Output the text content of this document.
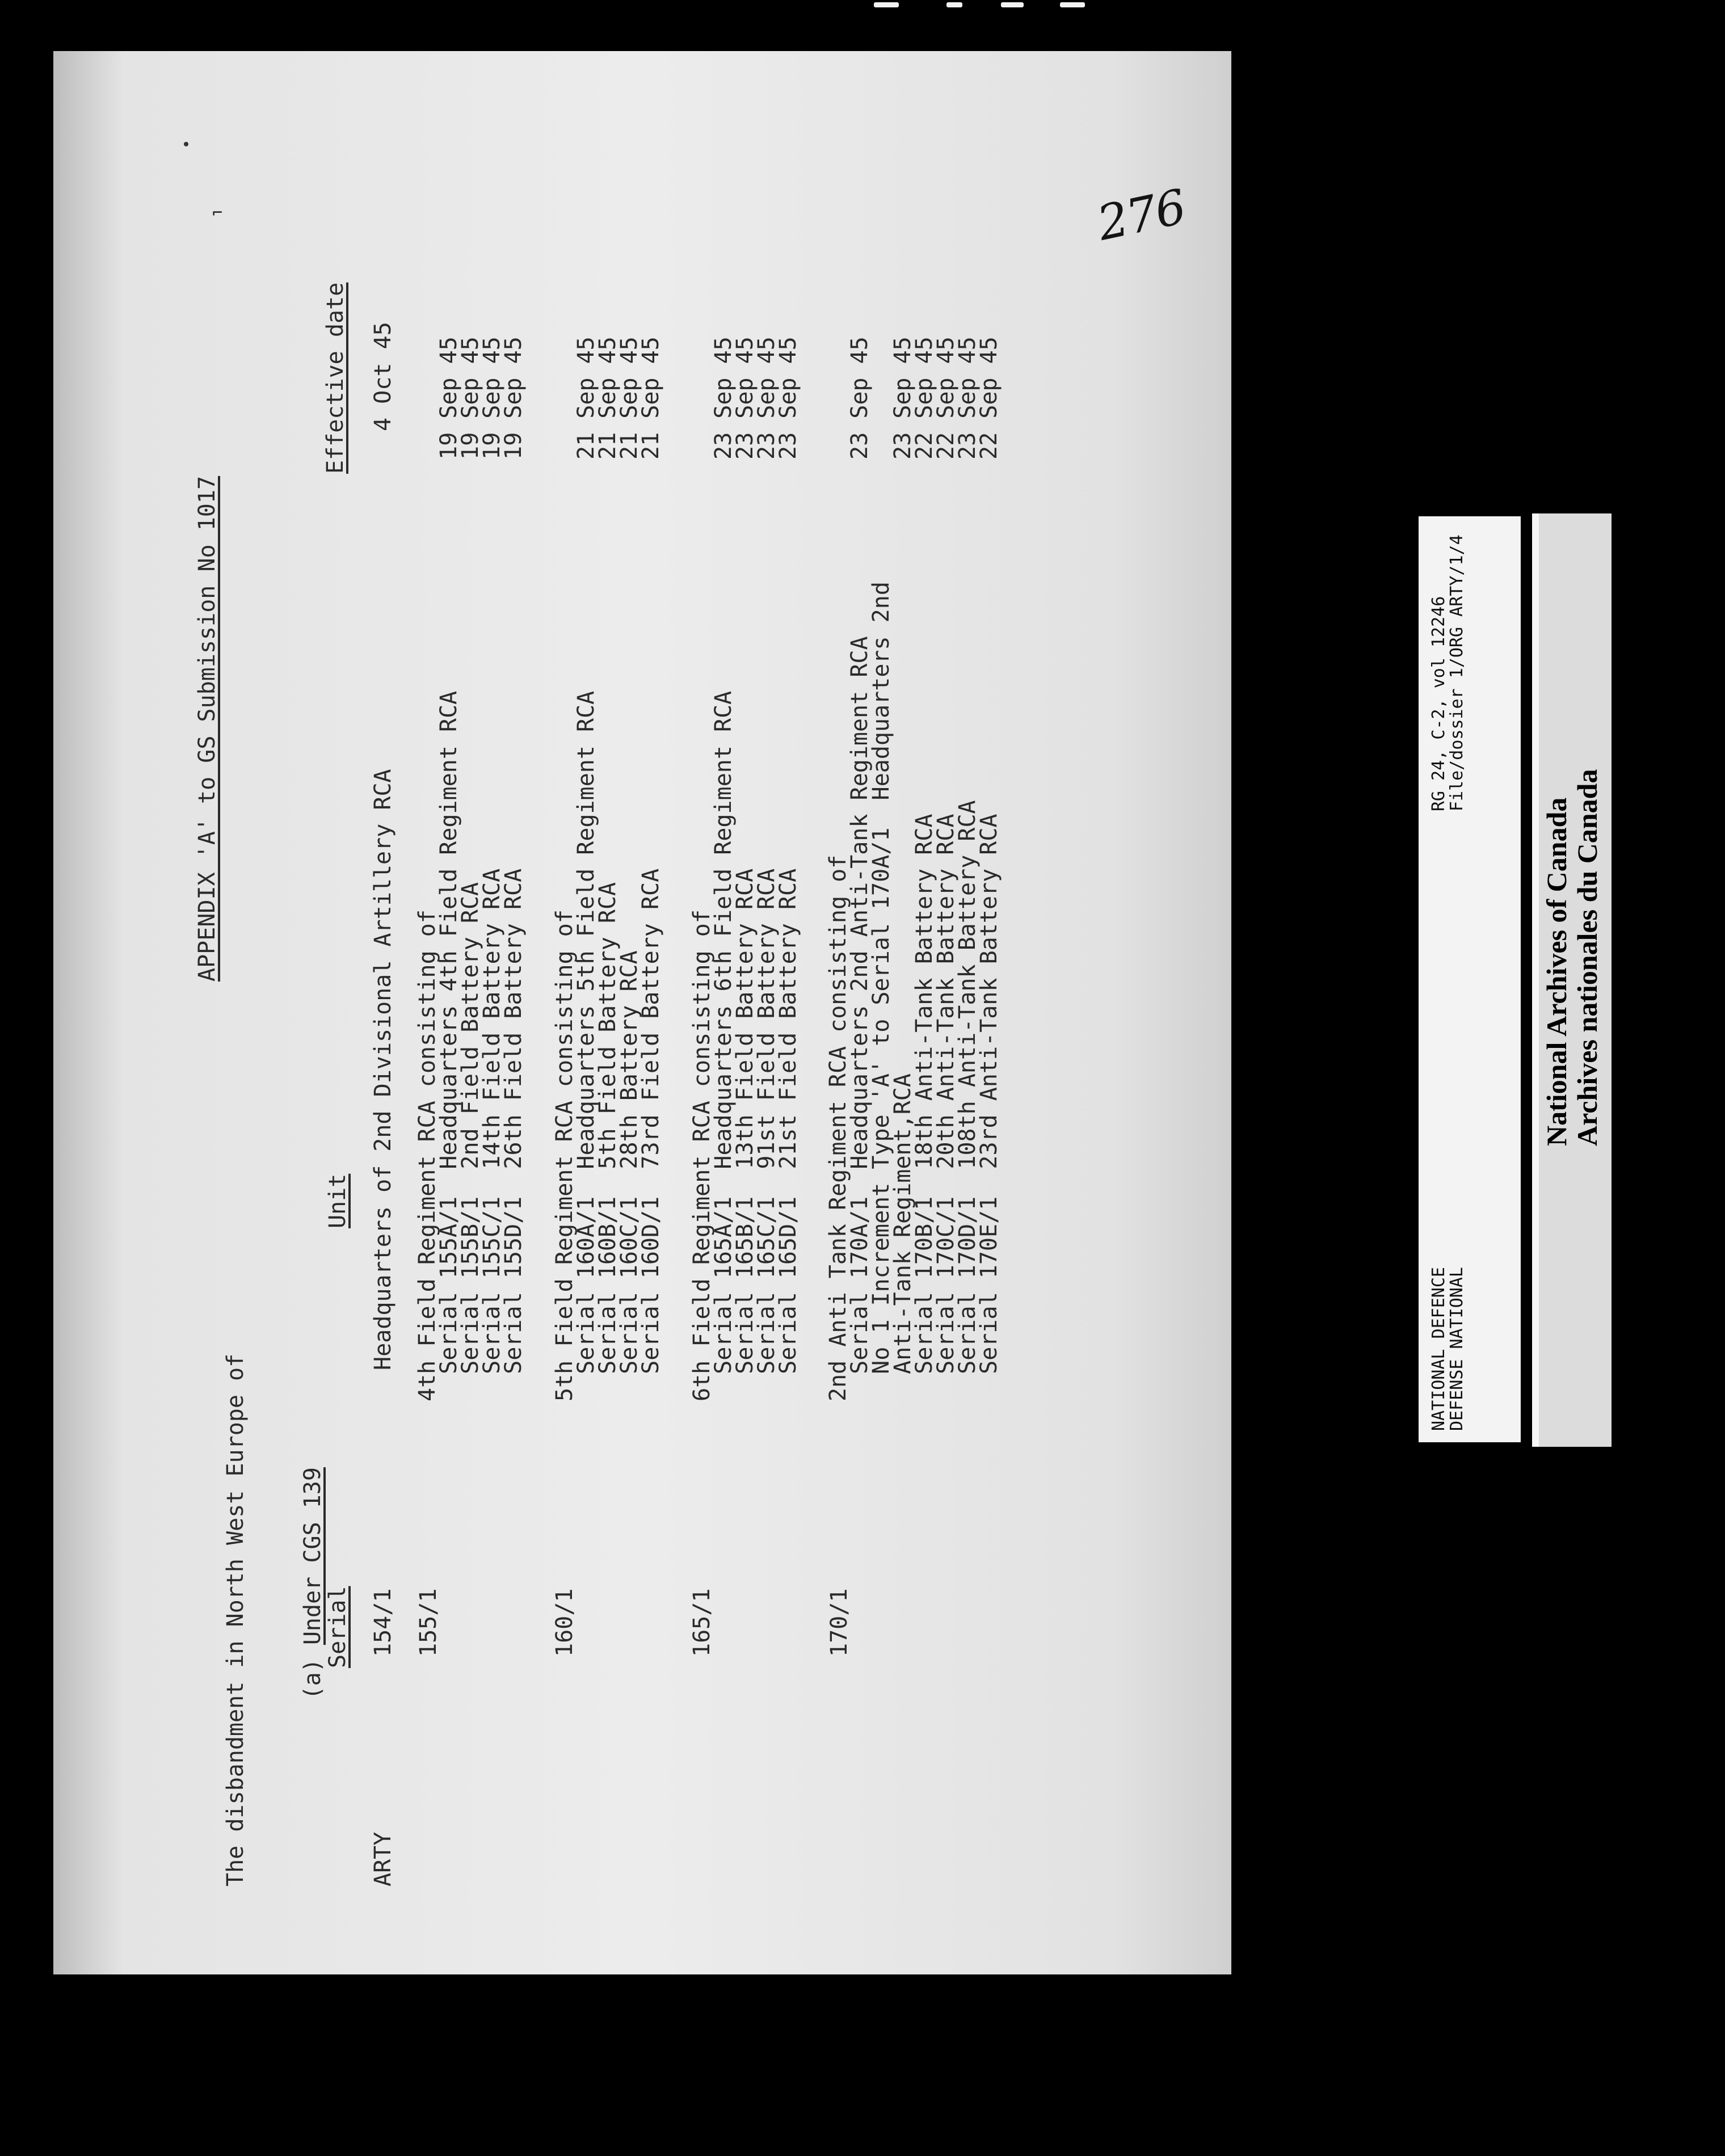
APPENDIX 'A' to GS Submission No 1017
The disbandment in North West Europe of	(a) Under CGS 139

Serial
Unit
Effective date
ARTY
154/1
Headquarters of 2nd Divisional Artillery RCA
4 Oct 45
155/1
4th Field Regiment RCA consisting of
Serial 155A/1  Headquarters 4th Field Regiment RCA
Serial 155B/1  2nd Field Battery RCA
Serial 155C/1  14th Field Battery RCA
Serial 155D/1  26th Field Battery RCA
19 Sep 45
19 Sep 45
19 Sep 45
19 Sep 45
160/1
5th Field Regiment RCA consisting of
Serial 160A/1  Headquarters 5th Field Regiment RCA
Serial 160B/1  5th Field Battery RCA
Serial 160C/1  28th Battery RCA
Serial 160D/1  73rd Field Battery RCA
21 Sep 45
21 Sep 45
21 Sep 45
21 Sep 45
165/1
6th Field Regiment RCA consisting of
Serial 165A/1  Headquarters 6th Field Regiment RCA
Serial 165B/1  13th Field Battery RCA
Serial 165C/1  91st Field Battery RCA
Serial 165D/1  21st Field Battery RCA
23 Sep 45
23 Sep 45
23 Sep 45
23 Sep 45
170/1
2nd Anti Tank Regiment RCA consisting of
Serial 170A/1  Headquarters 2nd Anti-Tank Regiment RCA
No 1 Increment Type 'A' to Serial 170A/1  Headquarters 2nd
Anti-Tank Regiment,RCA
Serial 170B/1  18th Anti-Tank Battery RCA
Serial 170C/1  20th Anti-Tank Battery RCA
Serial 170D/1  108th Anti-Tank Battery RCA
Serial 170E/1  23rd Anti-Tank Battery RCA
23 Sep 45 23 Sep 45
22 Sep 45
22 Sep 45
23 Sep 45
22 Sep 45
276
⌐
NATIONAL DEFENCE
DEFENSE NATIONAL
RG 24, C-2, vol 12246
File/dossier 1/ORG ARTY/1/4
National Archives of Canada
Archives nationales du Canada
